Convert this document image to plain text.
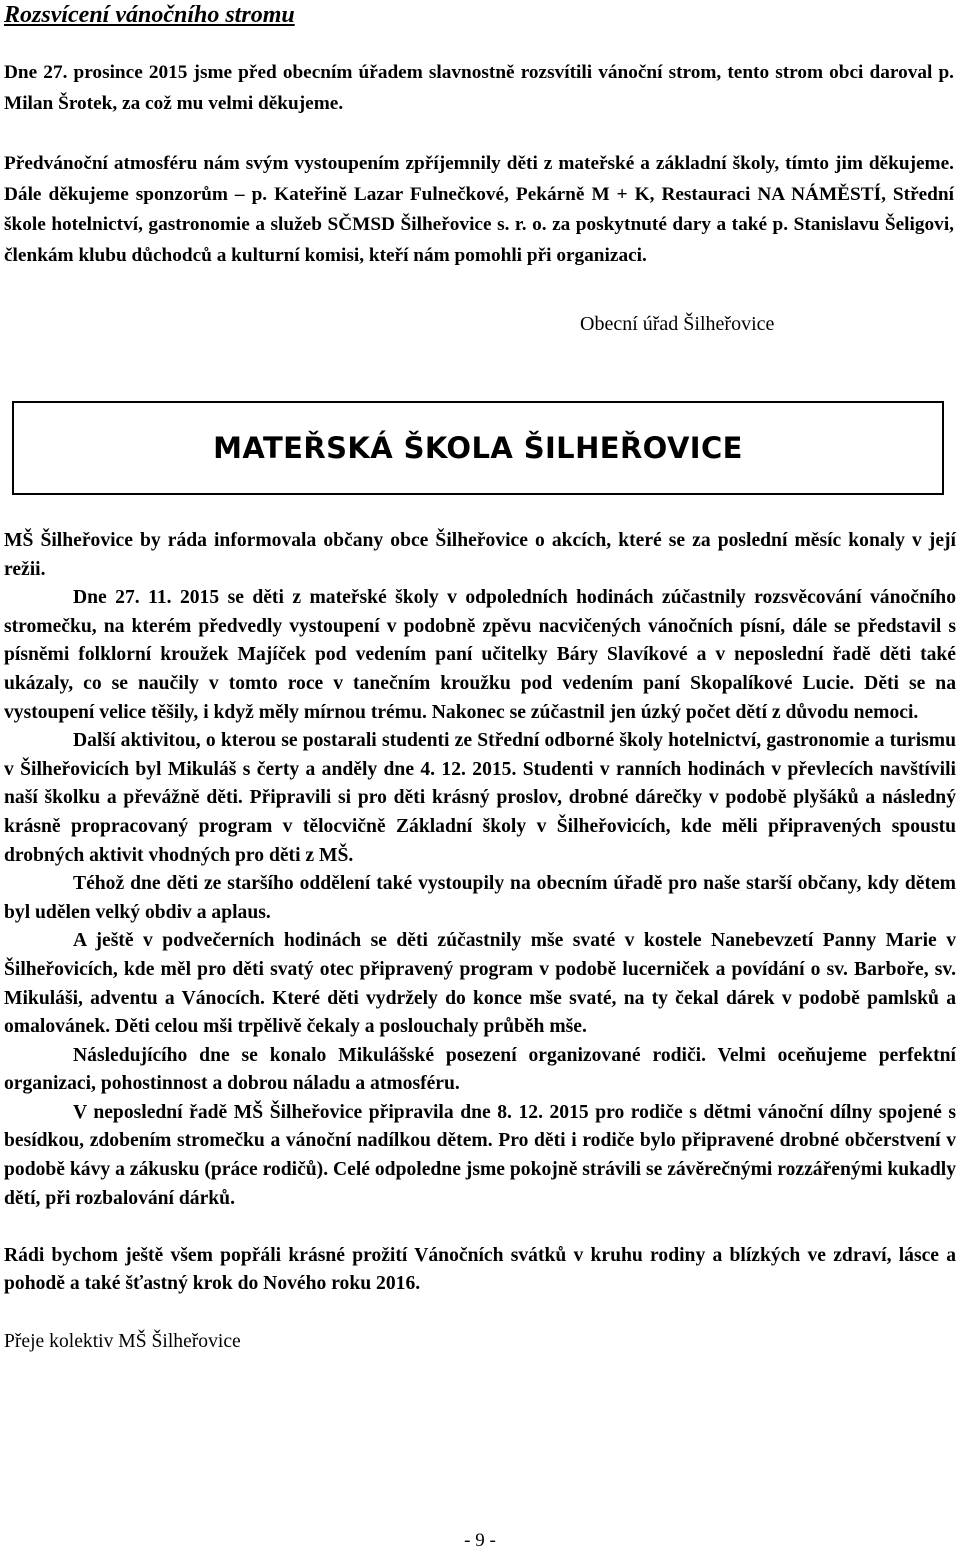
Rozsvícení vánočního stromu

Dne 27. prosince 2015 jsme před obecním úřadem slavnostně rozsvítili vánoční strom, tento strom obci daroval p. Milan Šrotek, za což mu velmi děkujeme.

Předvánoční atmosféru nám svým vystoupením zpříjemnily děti z mateřské a základní školy, tímto jim děkujeme. Dále děkujeme sponzorům – p. Kateřině Lazar Fulnečkové, Pekárně M + K, Restauraci NA NÁMĚSTÍ, Střední škole hotelnictví, gastronomie a služeb SČMSD Šilheřovice s. r. o. za poskytnuté dary a také p. Stanislavu Šeligovi, členkám klubu důchodců a kulturní komisi, kteří nám pomohli při organizaci.

Obecní úřad Šilheřovice

MATEŘSKÁ ŠKOLA ŠILHEŘOVICE

MŠ Šilheřovice by ráda informovala občany obce Šilheřovice o akcích, které se za poslední měsíc konaly v její režii.

Dne 27. 11. 2015 se děti z mateřské školy v odpoledních hodinách zúčastnily rozsvěcování vánočního stromečku, na kterém předvedly vystoupení v podobně zpěvu nacvičených vánočních písní, dále se představil s písněmi folklorní kroužek Majíček pod vedením paní učitelky Báry Slavíkové a v neposlední řadě děti také ukázaly, co se naučily v tomto roce v tanečním kroužku pod vedením paní Skopalíkové Lucie. Děti se na vystoupení velice těšily, i když měly mírnou trému. Nakonec se zúčastnil jen úzký počet dětí z důvodu nemoci.

Další aktivitou, o kterou se postarali studenti ze Střední odborné školy hotelnictví, gastronomie a turismu v Šilheřovicích byl Mikuláš s čerty a anděly dne 4. 12. 2015. Studenti v ranních hodinách v převlecích navštívili naší školku a převážně děti. Připravili si pro děti krásný proslov, drobné dárečky v podobě plyšáků a následný krásně propracovaný program v tělocvičně Základní školy v Šilheřovicích, kde měli připravených spoustu drobných aktivit vhodných pro děti z MŠ.

Téhož dne děti ze staršího oddělení také vystoupily na obecním úřadě pro naše starší občany, kdy dětem byl udělen velký obdiv a aplaus.

A ještě v podvečerních hodinách se děti zúčastnily mše svaté v kostele Nanebevzetí Panny Marie v Šilheřovicích, kde měl pro děti svatý otec připravený program v podobě lucerniček a povídání o sv. Barboře, sv. Mikuláši, adventu a Vánocích. Které děti vydržely do konce mše svaté, na ty čekal dárek v podobě pamlsků a omalovánek. Děti celou mši trpělivě čekaly a poslouchaly průběh mše.

Následujícího dne se konalo Mikulášské posezení organizované rodiči. Velmi oceňujeme perfektní organizaci, pohostinnost a dobrou náladu a atmosféru.

V neposlední řadě MŠ Šilheřovice připravila dne 8. 12. 2015 pro rodiče s dětmi vánoční dílny spojené s besídkou, zdobením stromečku a vánoční nadílkou dětem. Pro děti i rodiče bylo připravené drobné občerstvení v podobě kávy a zákusku (práce rodičů). Celé odpoledne jsme pokojně strávili se závěrečnými rozzářenými kukadly dětí, při rozbalování dárků.

Rádi bychom ještě všem popřáli krásné prožití Vánočních svátků v kruhu rodiny a blízkých ve zdraví, lásce a pohodě a také šťastný krok do Nového roku 2016.

Přeje kolektiv MŠ Šilheřovice

- 9 -
